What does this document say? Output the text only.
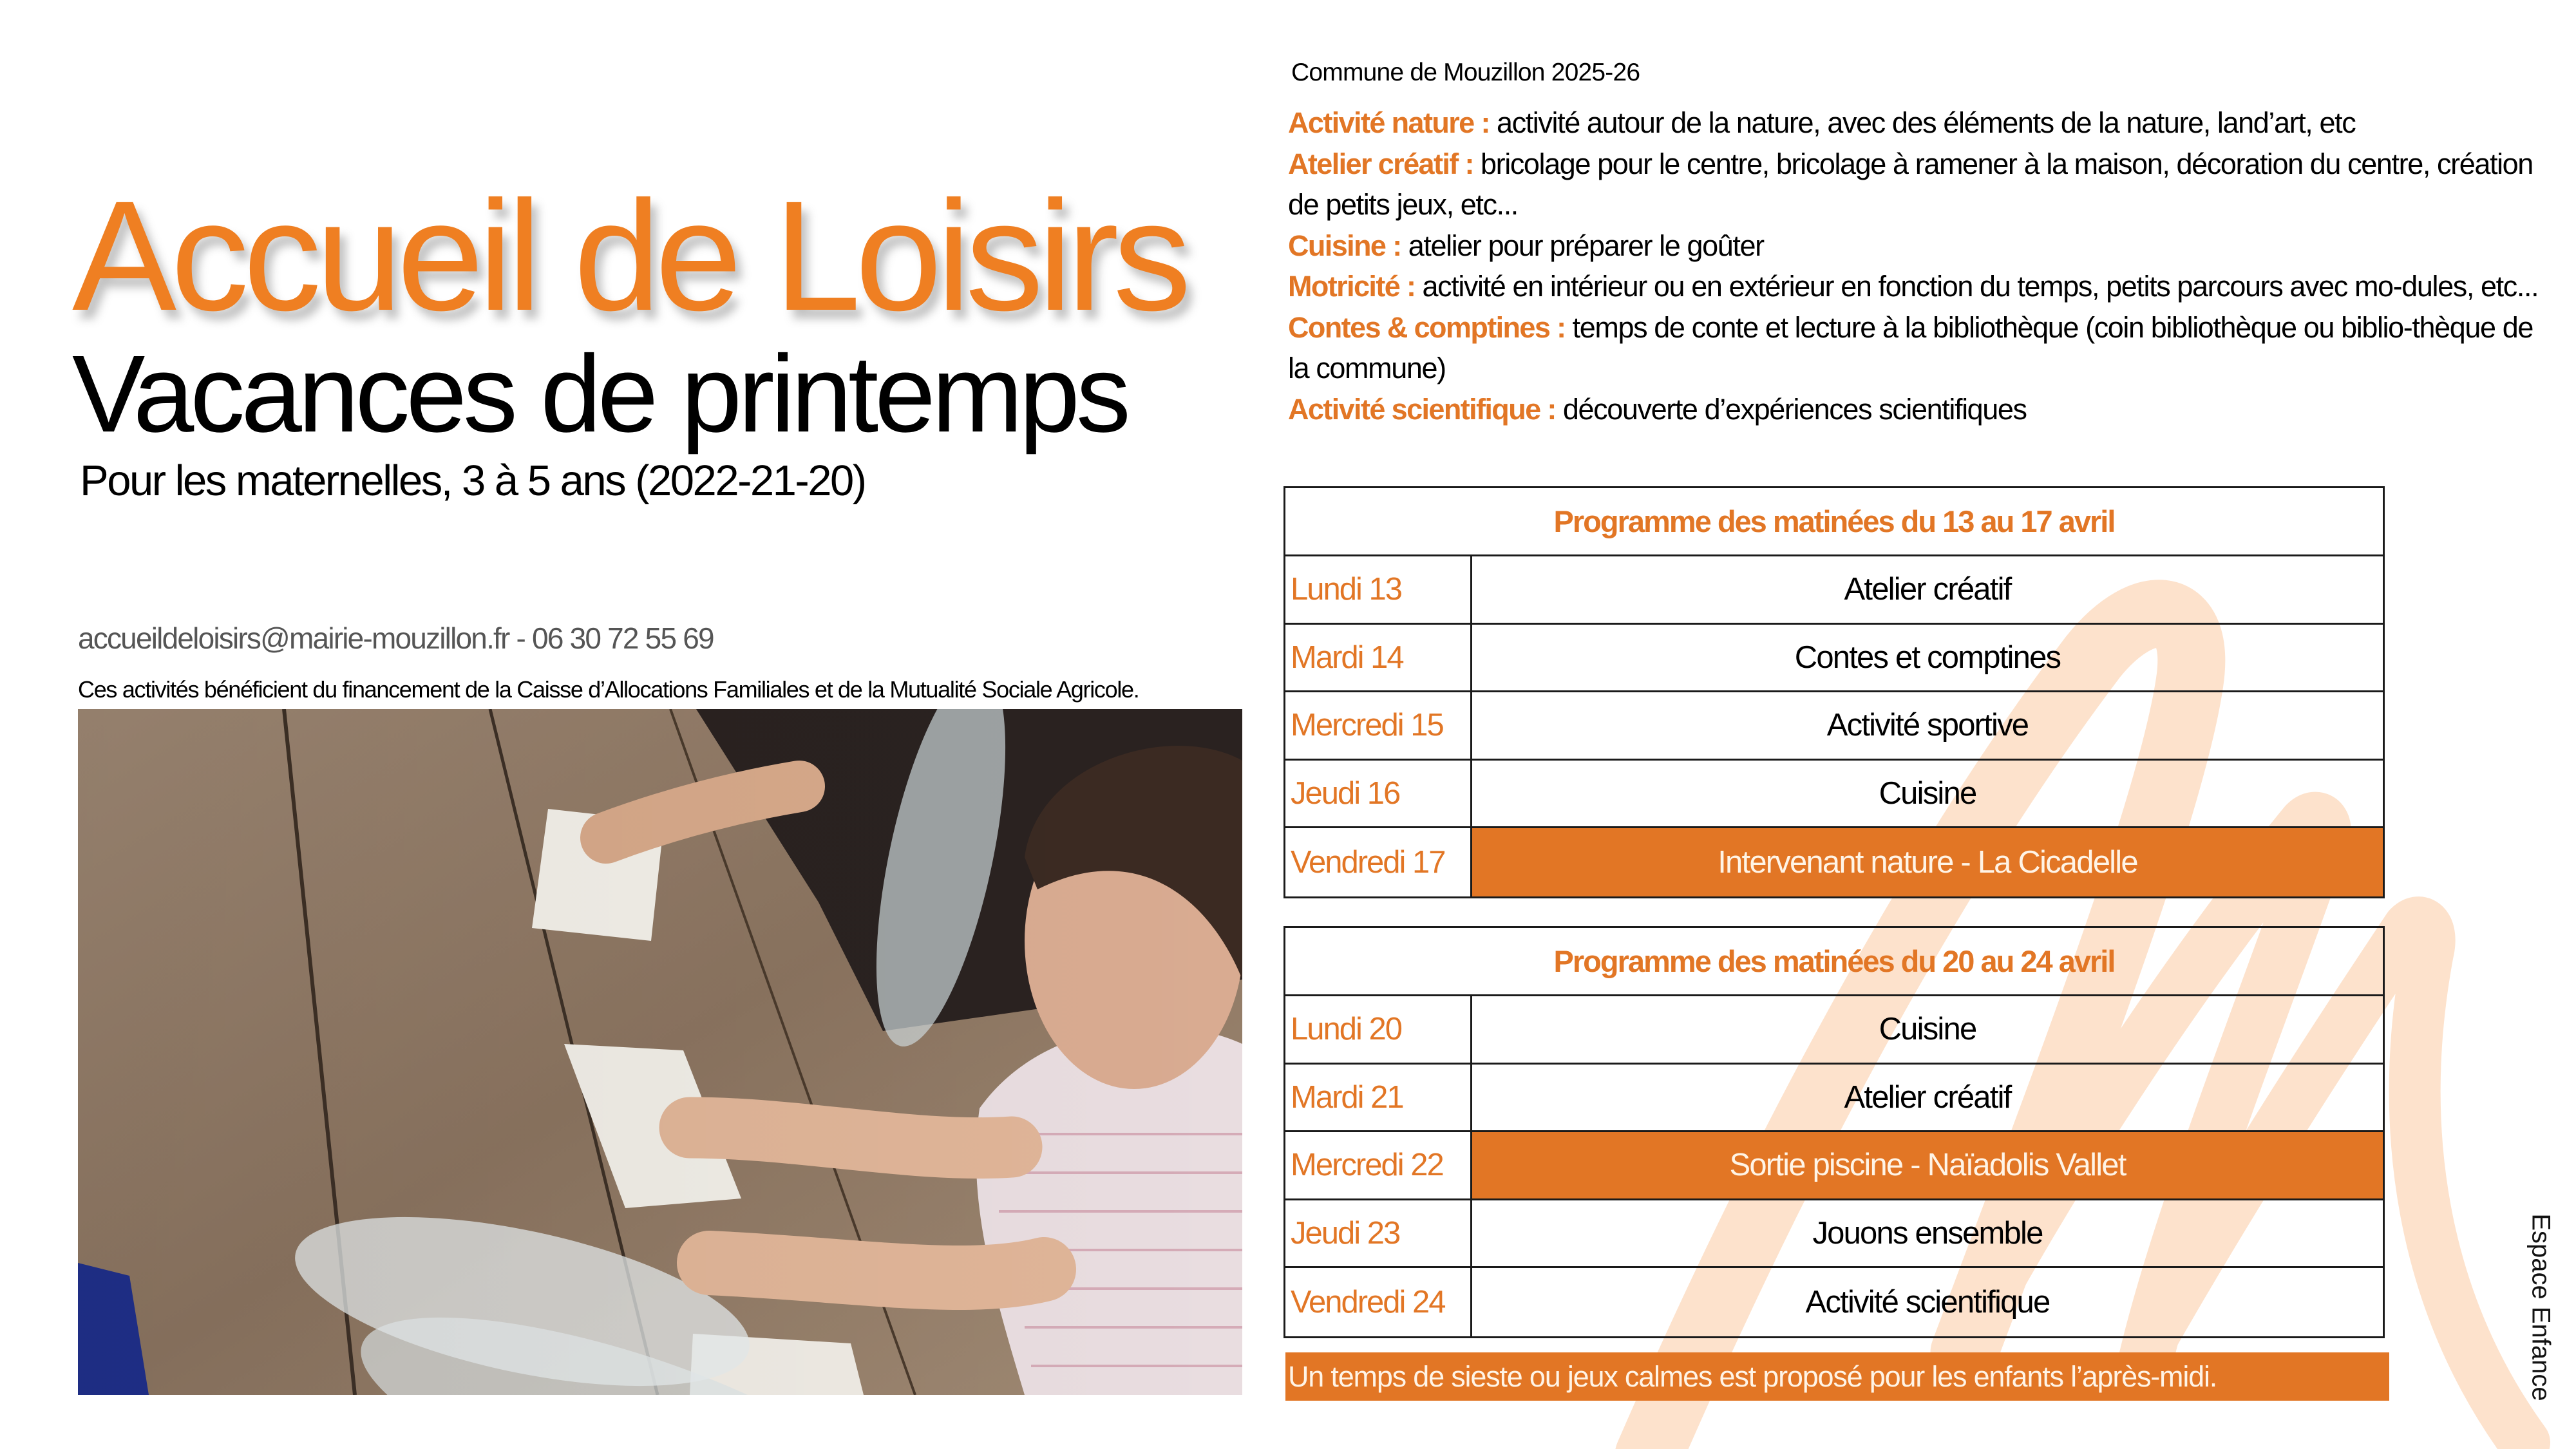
Accueil de Loisirs
Vacances de printemps
Pour les maternelles, 3 à 5 ans (2022-21-20)
accueildeloisirs@mairie-mouzillon.fr - 06 30 72 55 69
Ces activités bénéficient du financement de la Caisse d’Allocations Familiales et de la Mutualité Sociale Agricole.
Commune de Mouzillon 2025-26
Activité nature : activité autour de la nature, avec des éléments de la nature, land’art, etc
Atelier créatif : bricolage pour le centre, bricolage à ramener à la maison, décoration du centre, création de petits jeux, etc...
Cuisine : atelier pour préparer le goûter
Motricité : activité en intérieur ou en extérieur en fonction du temps, petits parcours avec mo-dules, etc...
Contes & comptines : temps de conte et lecture à la bibliothèque (coin bibliothèque ou biblio-thèque de la commune)
Activité scientifique : découverte d’expériences scientifiques
Programme des matinées du 13 au 17 avril
Lundi 13	Atelier créatif
Mardi 14	Contes et comptines
Mercredi 15	Activité sportive
Jeudi 16	Cuisine
Vendredi 17	Intervenant nature - La Cicadelle
Programme des matinées du 20 au 24 avril
Lundi 20	Cuisine
Mardi 21	Atelier créatif
Mercredi 22	Sortie piscine - Naïadolis Vallet
Jeudi 23	Jouons ensemble
Vendredi 24	Activité scientifique
Un temps de sieste ou jeux calmes est proposé pour les enfants l’après-midi.	Espace Enfance
